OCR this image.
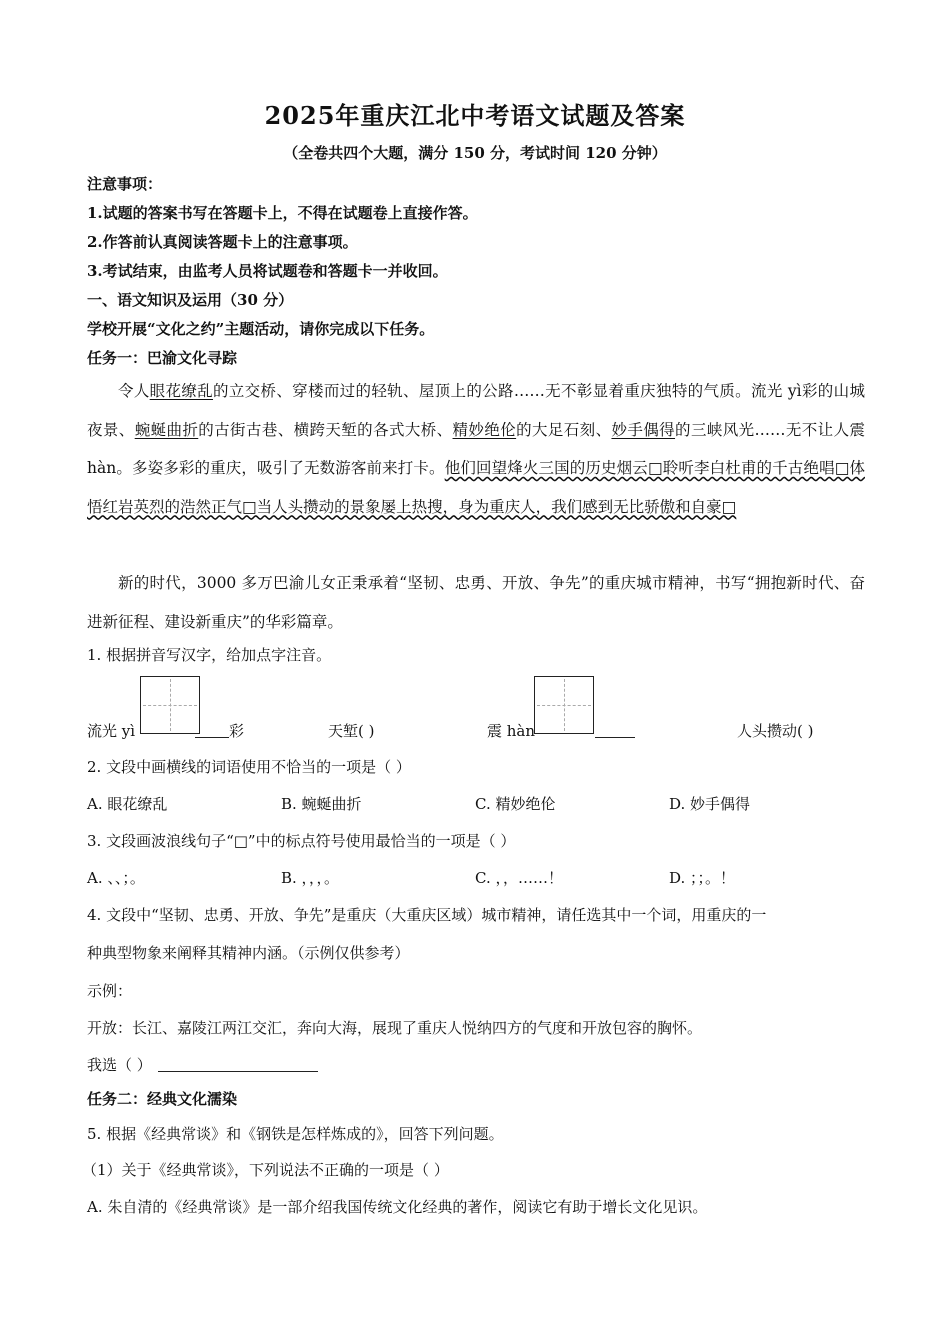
2025年重庆江北中考语文试题及答案
（全卷共四个大题，满分 150 分，考试时间 120 分钟）
注意事项：
1.试题的答案书写在答题卡上，不得在试题卷上直接作答。
2.作答前认真阅读答题卡上的注意事项。
3.考试结束，由监考人员将试题卷和答题卡一并收回。
一、语文知识及运用（30 分）
学校开展“文化之约”主题活动，请你完成以下任务。
任务一：巴渝文化寻踪
令人眼花缭乱的立交桥、穿楼而过的轻轨、屋顶上的公路……无不彰显着重庆独特的气质。流光 yì彩的山城夜景、蜿蜒曲折的古街古巷、横跨天堑的各式大桥、精妙绝伦的大足石刻、妙手偶得的三峡风光……无不让人震 hàn。多姿多彩的重庆，吸引了无数游客前来打卡。他们回望烽火三国的历史烟云□聆听李白杜甫的千古绝唱□体悟红岩英烈的浩然正气□当人头攒动的景象屡上热搜，身为重庆人，我们感到无比骄傲和自豪□
新的时代，3000 多万巴渝儿女正秉承着“坚韧、忠勇、开放、争先”的重庆城市精神，书写“拥抱新时代、奋进新征程、建设新重庆”的华彩篇章。
1. 根据拼音写汉字，给加点字注音。
流光 yì	彩	天堑( )	震 hàn	人头攒动( )
2. 文段中画横线的词语使用不恰当的一项是（ ）
A. 眼花缭乱	B. 蜿蜒曲折	C. 精妙绝伦	D. 妙手偶得
3. 文段画波浪线句子“□”中的标点符号使用最恰当的一项是（ ）
A. 、、；。	B. ，，，。	C. ，，……！	D. ；；。！
4. 文段中“坚韧、忠勇、开放、争先”是重庆（大重庆区域）城市精神，请任选其中一个词，用重庆的一
种典型物象来阐释其精神内涵。（示例仅供参考）
示例：
开放：长江、嘉陵江两江交汇，奔向大海，展现了重庆人悦纳四方的气度和开放包容的胸怀。
我选（ ）
任务二：经典文化濡染
5. 根据《经典常谈》和《钢铁是怎样炼成的》，回答下列问题。
（1）关于《经典常谈》，下列说法不正确的一项是（ ）
A. 朱自清的《经典常谈》是一部介绍我国传统文化经典的著作，阅读它有助于增长文化见识。
